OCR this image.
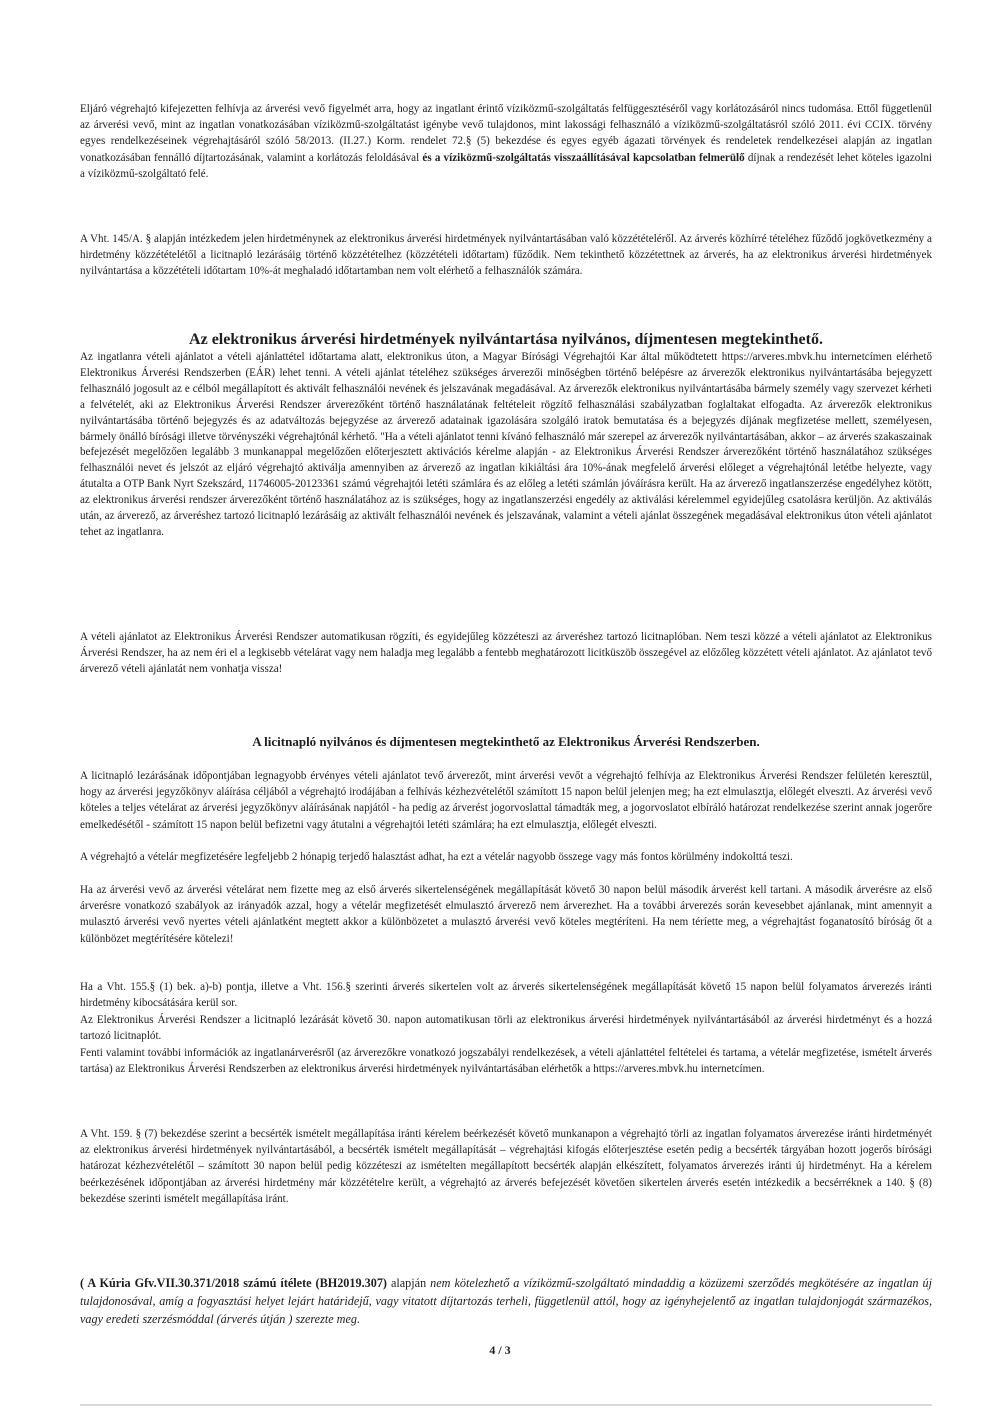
Eljáró végrehajtó kifejezetten felhívja az árverési vevő figyelmét arra, hogy az ingatlant érintő víziközmű-szolgáltatás felfüggesztéséről vagy korlátozásáról nincs tudomása. Ettől függetlenül az árverési vevő, mint az ingatlan vonatkozásában víziközmű-szolgáltatást igénybe vevő tulajdonos, mint lakossági felhasználó a víziközmű-szolgáltatásról szóló 2011. évi CCIX. törvény egyes rendelkezéseinek végrehajtásáról szóló 58/2013. (II.27.) Korm. rendelet 72.§ (5) bekezdése és egyes egyéb ágazati törvények és rendeletek rendelkezései alapján az ingatlan vonatkozásában fennálló díjtartozásának, valamint a korlátozás feloldásával és a víziközmű-szolgáltatás visszaállításával kapcsolatban felmerülő díjnak a rendezését lehet köteles igazolni a víziközmű-szolgáltató felé.

A Vht. 145/A. § alapján intézkedem jelen hirdetménynek az elektronikus árverési hirdetmények nyilvántartásában való közzétételéről. Az árverés közhírré tételéhez fűződő jogkövetkezmény a hirdetmény közzétételétől a licitnapló lezárásáig történő közzétételhez (közzétételi időtartam) fűződik. Nem tekinthető közzétettnek az árverés, ha az elektronikus árverési hirdetmények nyilvántartása a közzétételi időtartam 10%-át meghaladó időtartamban nem volt elérhető a felhasználók számára.

Az elektronikus árverési hirdetmények nyilvántartása nyilvános, díjmentesen megtekinthető.

Az ingatlanra vételi ajánlatot a vételi ajánlattétel időtartama alatt, elektronikus úton, a Magyar Bírósági Végrehajtói Kar által működtetett https://arveres.mbvk.hu internetcímen elérhető Elektronikus Árverési Rendszerben (EÁR) lehet tenni. A vételi ajánlat tételéhez szükséges árverezői minőségben történő belépésre az árverezők elektronikus nyilvántartásába bejegyzett felhasználó jogosult az e célból megállapított és aktivált felhasználói nevének és jelszavának megadásával. Az árverezők elektronikus nyilvántartásába bármely személy vagy szervezet kérheti a felvételét, aki az Elektronikus Árverési Rendszer árverezőként történő használatának feltételeit rögzítő felhasználási szabályzatban foglaltakat elfogadta. Az árverezők elektronikus nyilvántartásába történő bejegyzés és az adatváltozás bejegyzése az árverező adatainak igazolására szolgáló iratok bemutatása és a bejegyzés díjának megfizetése mellett, személyesen, bármely önálló bírósági illetve törvényszéki végrehajtónál kérhető. "Ha a vételi ajánlatot tenni kívánó felhasználó már szerepel az árverezők nyilvántartásában, akkor – az árverés szakaszainak befejezését megelőzően legalább 3 munkanappal megelőzően előterjesztett aktivációs kérelme alapján - az Elektronikus Árverési Rendszer árverezőként történő használatához szükséges felhasználói nevet és jelszót az eljáró végrehajtó aktiválja amennyiben az árverező az ingatlan kikiáltási ára 10%-ának megfelelő árverési előleget a végrehajtónál letétbe helyezte, vagy átutalta a OTP Bank Nyrt Szekszárd, 11746005-20123361 számú végrehajtói letéti számlára és az előleg a letéti számlán jóváírásra került. Ha az árverező ingatlanszerzése engedélyhez kötött, az elektronikus árverési rendszer árverezőként történő használatához az is szükséges, hogy az ingatlanszerzési engedély az aktiválási kérelemmel egyidejűleg csatolásra kerüljön. Az aktiválás után, az árverező, az árveréshez tartozó licitnapló lezárásáig az aktivált felhasználói nevének és jelszavának, valamint a vételi ajánlat összegének megadásával elektronikus úton vételi ajánlatot tehet az ingatlanra.

A vételi ajánlatot az Elektronikus Árverési Rendszer automatikusan rögzíti, és egyidejűleg közzéteszi az árveréshez tartozó licitnaplóban. Nem teszi közzé a vételi ajánlatot az Elektronikus Árverési Rendszer, ha az nem éri el a legkisebb vételárat vagy nem haladja meg legalább a fentebb meghatározott licitküszöb összegével az előzőleg közzétett vételi ajánlatot. Az ajánlatot tevő árverező vételi ajánlatát nem vonhatja vissza!

A licitnapló nyilvános és díjmentesen megtekinthető az Elektronikus Árverési Rendszerben.

A licitnapló lezárásának időpontjában legnagyobb érvényes vételi ajánlatot tevő árverezőt, mint árverési vevőt a végrehajtó felhívja az Elektronikus Árverési Rendszer felületén keresztül, hogy az árverési jegyzőkönyv aláírása céljából a végrehajtó irodájában a felhívás kézhezvételétől számított 15 napon belül jelenjen meg; ha ezt elmulasztja, előlegét elveszti. Az árverési vevő köteles a teljes vételárat az árverési jegyzőkönyv aláírásának napjától - ha pedig az árverést jogorvoslattal támadták meg, a jogorvoslatot elbíráló határozat rendelkezése szerint annak jogerőre emelkedésétől - számított 15 napon belül befizetni vagy átutalni a végrehajtói letéti számlára; ha ezt elmulasztja, előlegét elveszti.

A végrehajtó a vételár megfizetésére legfeljebb 2 hónapig terjedő halasztást adhat, ha ezt a vételár nagyobb összege vagy más fontos körülmény indokolttá teszi.

Ha az árverési vevő az árverési vételárat nem fizette meg az első árverés sikertelenségének megállapítását követő 30 napon belül második árverést kell tartani. A második árverésre az első árverésre vonatkozó szabályok az irányadók azzal, hogy a vételár megfizetését elmulasztó árverező nem árverezhet. Ha a további árverezés során kevesebbet ajánlanak, mint amennyit a mulasztó árverési vevő nyertes vételi ajánlatként megtett akkor a különbözetet a mulasztó árverési vevő köteles megtéríteni. Ha nem téríette meg, a végrehajtást foganatosító bíróság őt a különbözet megtérítésére kötelezi!

Ha a Vht. 155.§ (1) bek. a)-b) pontja, illetve a Vht. 156.§ szerinti árverés sikertelen volt az árverés sikertelenségének megállapítását követő 15 napon belül folyamatos árverezés iránti hirdetmény kibocsátására kerül sor.

Az Elektronikus Árverési Rendszer a licitnapló lezárását követő 30. napon automatikusan törli az elektronikus árverési hirdetmények nyilvántartásából az árverési hirdetményt és a hozzá tartozó licitnaplót.

Fenti valamint további információk az ingatlanárverésről (az árverezőkre vonatkozó jogszabályi rendelkezések, a vételi ajánlattétel feltételei és tartama, a vételár megfizetése, ismételt árverés tartása) az Elektronikus Árverési Rendszerben az elektronikus árverési hirdetmények nyilvántartásában elérhetők a https://arveres.mbvk.hu internetcímen.

A Vht. 159. § (7) bekezdése szerint a becsérték ismételt megállapítása iránti kérelem beérkezését követő munkanapon a végrehajtó törli az ingatlan folyamatos árverezése iránti hirdetményét az elektronikus árverési hirdetmények nyilvántartásából, a becsérték ismételt megállapítását – végrehajtási kifogás előterjesztése esetén pedig a becsérték tárgyában hozott jogerős bírósági határozat kézhezvételétől – számított 30 napon belül pedig közzéteszi az ismételten megállapított becsérték alapján elkészített, folyamatos árverezés iránti új hirdetményt. Ha a kérelem beérkezésének időpontjában az árverési hirdetmény már közzétételre került, a végrehajtó az árverés befejezését követően sikertelen árverés esetén intézkedik a becsérréknek a 140. § (8) bekezdése szerinti ismételt megállapítása iránt.

( A Kúria Gfv.VII.30.371/2018 számú ítélete (BH2019.307) alapján nem kötelezhető a víziközmű-szolgáltató mindaddig a közüzemi szerződés megkötésére az ingatlan új tulajdonosával, amíg a fogyasztási helyet lejárt határidejű, vagy vitatott díjtartozás terheli, függetlenül attól, hogy az igényhejelentő az ingatlan tulajdonjogát származékos, vagy eredeti szerzésmóddal (árverés útján ) szerezte meg.

4 / 3
